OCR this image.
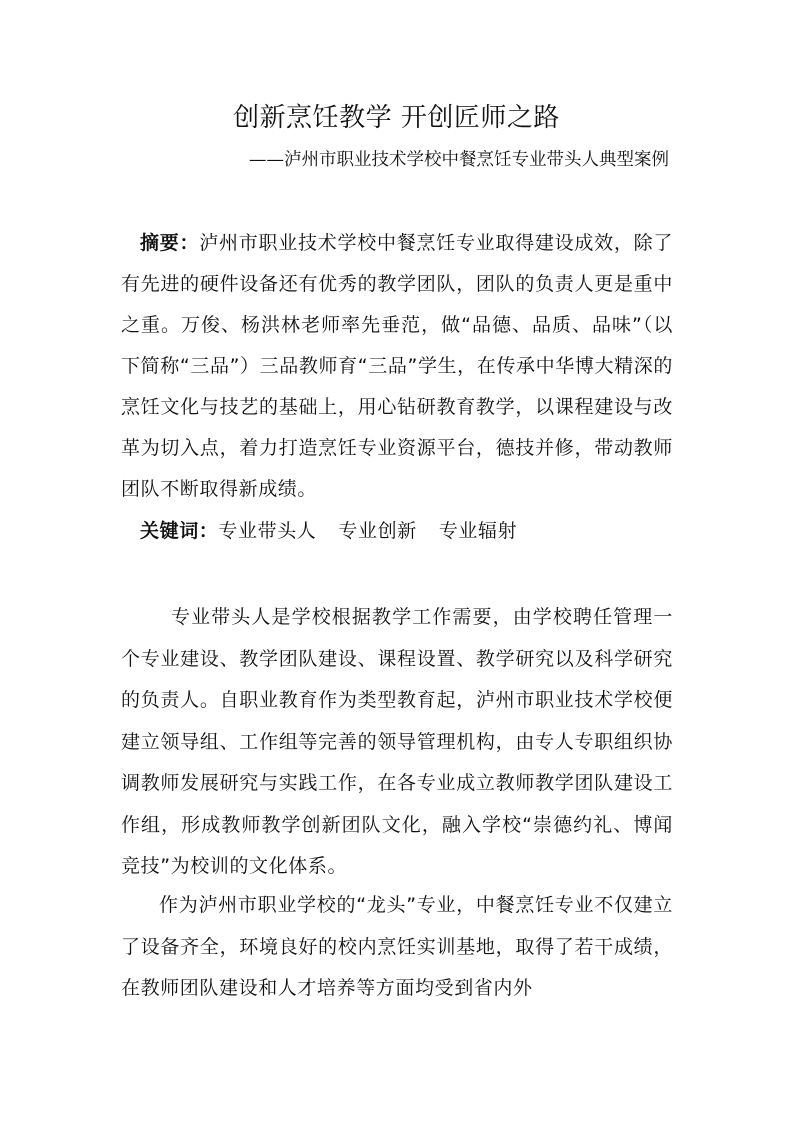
创新烹饪教学 开创匠师之路
——泸州市职业技术学校中餐烹饪专业带头人典型案例
摘要：泸州市职业技术学校中餐烹饪专业取得建设成效，除了有先进的硬件设备还有优秀的教学团队，团队的负责人更是重中之重。万俊、杨洪林老师率先垂范，做“品德、品质、品味”（以下简称“三品”）三品教师育“三品”学生，在传承中华博大精深的烹饪文化与技艺的基础上，用心钻研教育教学，以课程建设与改革为切入点，着力打造烹饪专业资源平台，德技并修，带动教师团队不断取得新成绩。
关键词：专业带头人 专业创新 专业辐射
专业带头人是学校根据教学工作需要，由学校聘任管理一个专业建设、教学团队建设、课程设置、教学研究以及科学研究的负责人。自职业教育作为类型教育起，泸州市职业技术学校便建立领导组、工作组等完善的领导管理机构，由专人专职组织协调教师发展研究与实践工作，在各专业成立教师教学团队建设工作组，形成教师教学创新团队文化，融入学校“崇德约礼、博闻竞技”为校训的文化体系。
作为泸州市职业学校的“龙头”专业，中餐烹饪专业不仅建立了设备齐全，环境良好的校内烹饪实训基地，取得了若干成绩，在教师团队建设和人才培养等方面均受到省内外
